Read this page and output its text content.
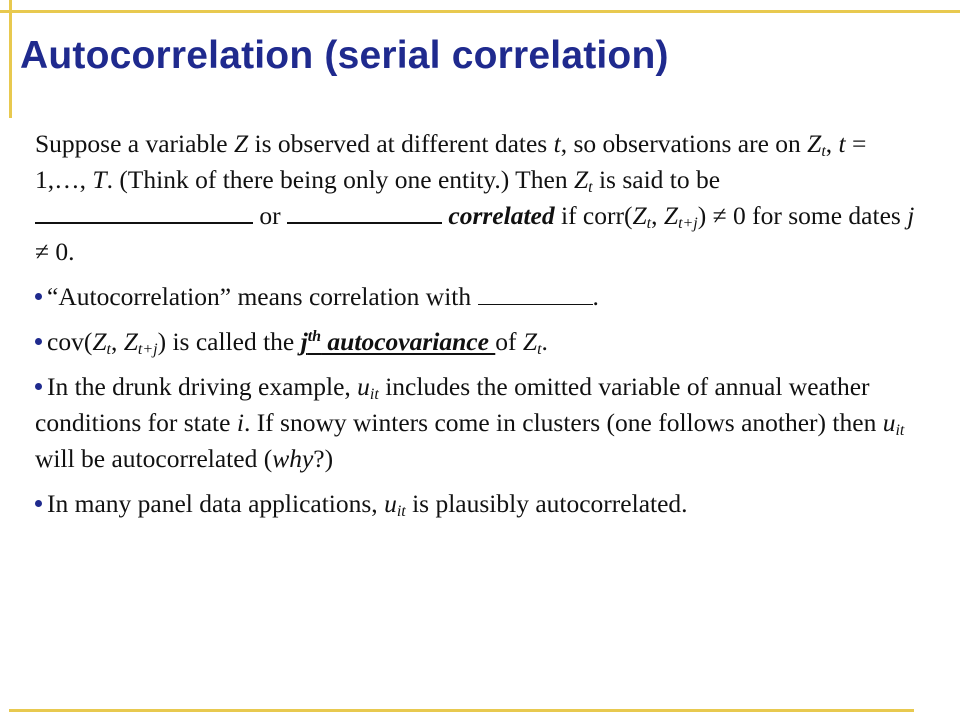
Autocorrelation (serial correlation)

Suppose a variable Z is observed at different dates t, so observations are on $Z_t$, t = 1,…, T. (Think of there being only one entity.) Then $Z_t$ is said to be  or	correlated if $corr(Z_t$, $Z_{t+j}) \ne 0$ for some dates j ≠ 0.

“Autocorrelation” means correlation with	.

$cov(Z_t$, $Z_{t+j}$) is called the $j^{th}$ autocovariance of $Z_t$.

In the drunk driving example, $u_{it}$ includes the omitted variable of annual weather conditions for state i. If snowy winters come in clusters (one follows another) then $u_{it}$ will be autocorrelated (why?)

In many panel data applications, $u_{it}$ is plausibly autocorrelated.
